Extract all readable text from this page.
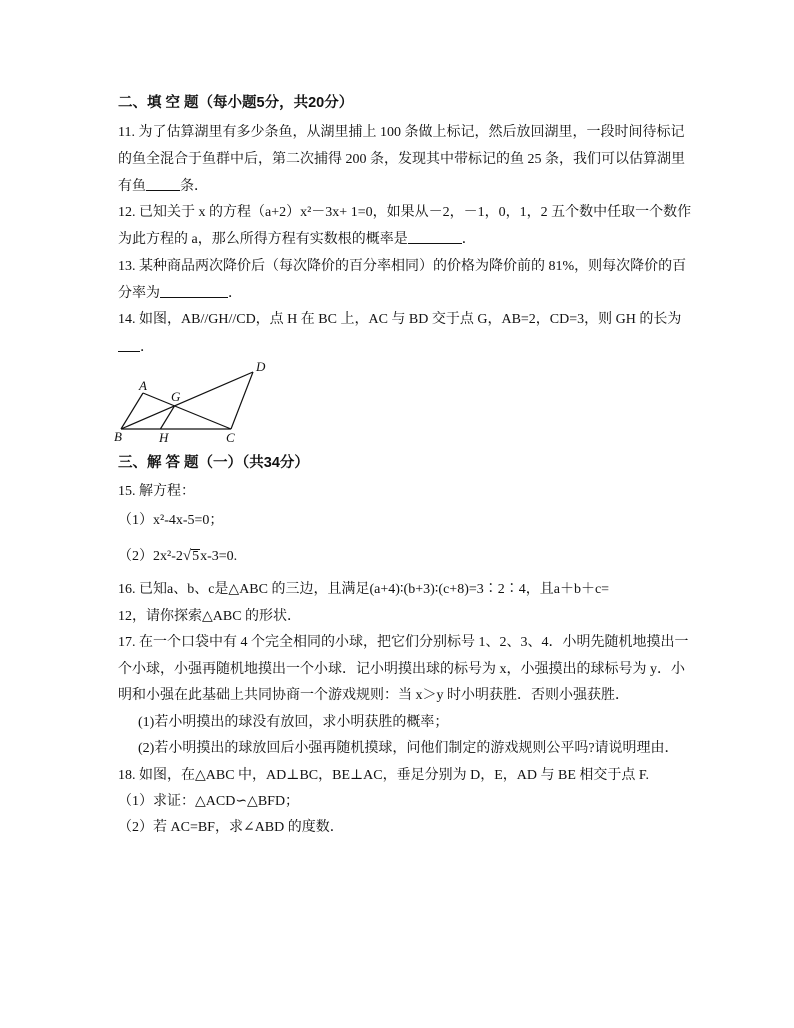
二、填 空 题（每小题5分，共20分）
11. 为了估算湖里有多少条鱼，从湖里捕上 100 条做上标记，然后放回湖里，一段时间待标记
的鱼全混合于鱼群中后，第二次捕得 200 条，发现其中带标记的鱼 25 条，我们可以估算湖里
有鱼 条．
12. 已知关于 x 的方程（a+2）x²－3x+ 1=0，如果从－2，－1，0，1，2 五个数中任取一个数作
为此方程的 a，那么所得方程有实数根的概率是	．
13. 某种商品两次降价后（每次降价的百分率相同）的价格为降价前的 81%，则每次降价的百
分率为	．
14. 如图，AB//GH//CD，点 H 在 BC 上，AC 与 BD 交于点 G，AB=2，CD=3，则 GH 的长为
．
A
D
G
B	H	C
三、解 答 题（一）（共34分）
15. 解方程：
（1）x²-4x-5=0；
（2）2x²-2√5x-3=0.
16. 已知a、b、c是△ABC 的三边，且满足(a+4)∶(b+3)∶(c+8)=3∶2∶4，且a＋b＋c=
12，请你探索△ABC 的形状．
17. 在一个口袋中有 4 个完全相同的小球，把它们分别标号 1、2、3、4．小明先随机地摸出一
个小球，小强再随机地摸出一个小球．记小明摸出球的标号为 x，小强摸出的球标号为 y．小
明和小强在此基础上共同协商一个游戏规则：当 x＞y 时小明获胜．否则小强获胜．
(1)若小明摸出的球没有放回，求小明获胜的概率；
(2)若小明摸出的球放回后小强再随机摸球，问他们制定的游戏规则公平吗?请说明理由．
18. 如图，在△ABC 中，AD⊥BC，BE⊥AC，垂足分别为 D，E，AD 与 BE 相交于点 F.
（1）求证：△ACD∽△BFD；
（2）若 AC=BF，求∠ABD 的度数．
